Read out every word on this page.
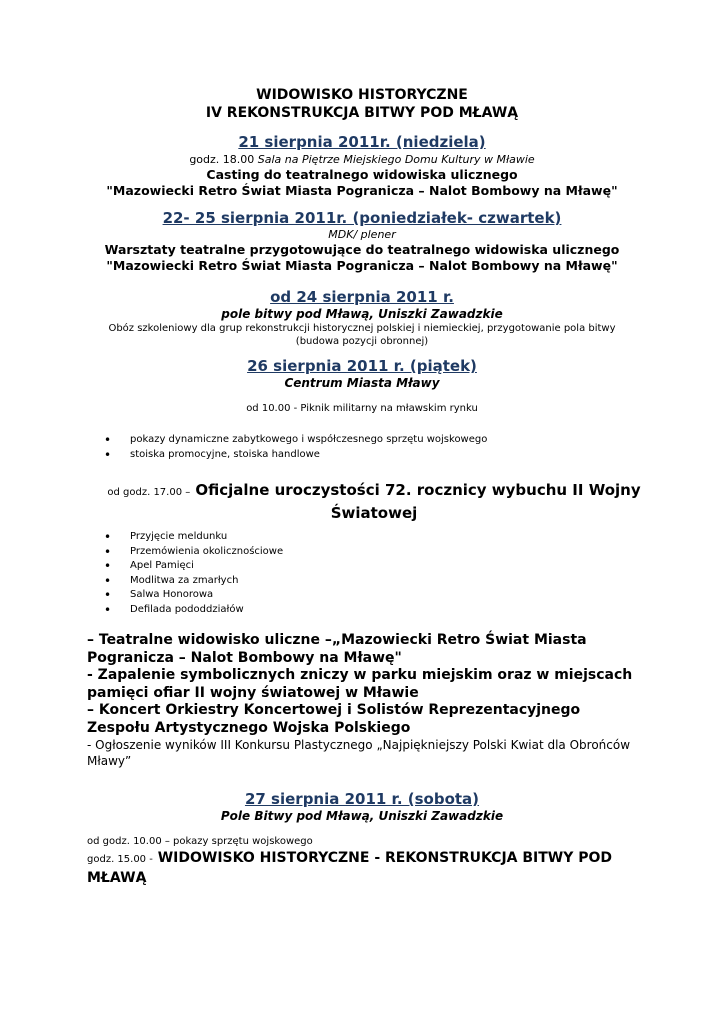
WIDOWISKO HISTORYCZNE
IV REKONSTRUKCJA BITWY POD MŁAWĄ
21 sierpnia 2011r. (niedziela)
godz. 18.00 Sala na Piętrze Miejskiego Domu Kultury w Mławie
Casting do teatralnego widowiska ulicznego
"Mazowiecki Retro Świat Miasta Pogranicza – Nalot Bombowy na Mławę"
22- 25 sierpnia 2011r. (poniedziałek- czwartek)
MDK/ plener
Warsztaty teatralne przygotowujące do teatralnego widowiska ulicznego
"Mazowiecki Retro Świat Miasta Pogranicza – Nalot Bombowy na Mławę"
od 24 sierpnia 2011 r.
pole bitwy pod Mławą, Uniszki Zawadzkie
Obóz szkoleniowy dla grup rekonstrukcji historycznej polskiej i niemieckiej, przygotowanie pola bitwy
(budowa pozycji obronnej)
26 sierpnia 2011 r. (piątek)
Centrum Miasta Mławy
od 10.00 - Piknik militarny na mławskim rynku
• pokazy dynamiczne zabytkowego i współczesnego sprzętu wojskowego
• stoiska promocyjne, stoiska handlowe
od godz. 17.00 – Oficjalne uroczystości 72. rocznicy wybuchu II Wojny Światowej
• Przyjęcie meldunku
• Przemówienia okolicznościowe
• Apel Pamięci
• Modlitwa za zmarłych
• Salwa Honorowa
• Defilada pododdziałów
– Teatralne widowisko uliczne –„Mazowiecki Retro Świat Miasta Pogranicza – Nalot Bombowy na Mławę"
- Zapalenie symbolicznych zniczy w parku miejskim oraz w miejscach pamięci ofiar II wojny światowej w Mławie
– Koncert Orkiestry Koncertowej i Solistów Reprezentacyjnego Zespołu Artystycznego Wojska Polskiego
- Ogłoszenie wyników III Konkursu Plastycznego „Najpiękniejszy Polski Kwiat dla Obrońców Mławy”
27 sierpnia 2011 r. (sobota)
Pole Bitwy pod Mławą, Uniszki Zawadzkie
od godz. 10.00 – pokazy sprzętu wojskowego
godz. 15.00 - WIDOWISKO HISTORYCZNE - REKONSTRUKCJA BITWY POD MŁAWĄ
